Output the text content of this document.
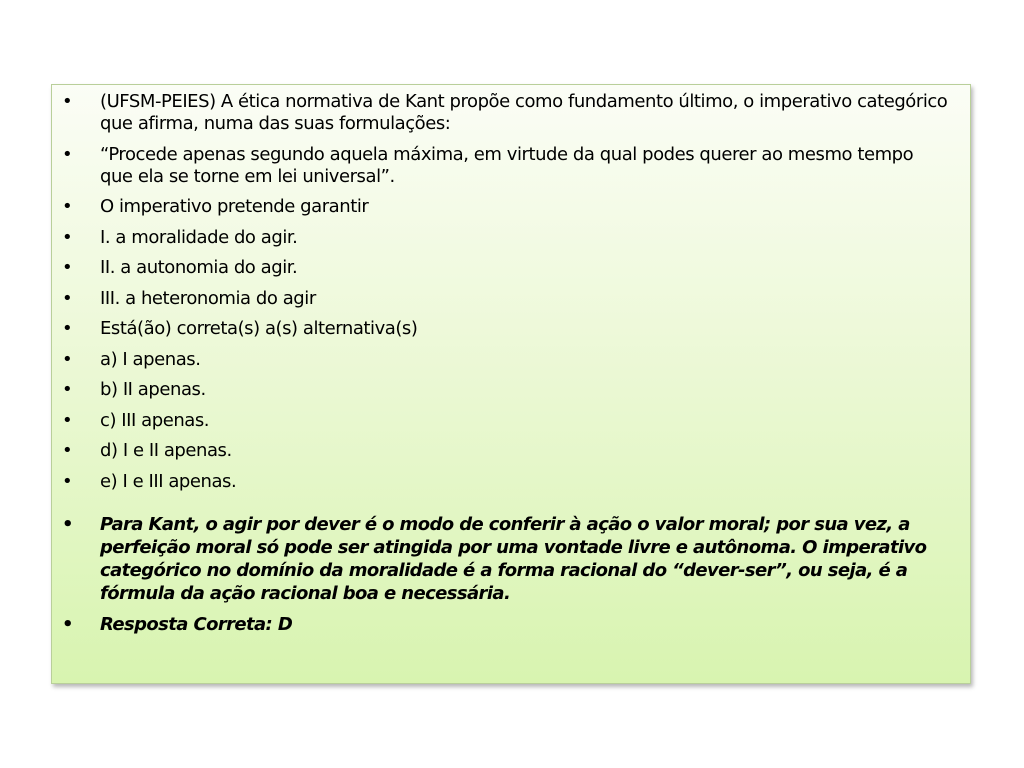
• (UFSM-PEIES) A ética normativa de Kant propõe como fundamento último, o imperativo categórico que afirma, numa das suas formulações:
• “Procede apenas segundo aquela máxima, em virtude da qual podes querer ao mesmo tempo que ela se torne em lei universal”.
• O imperativo pretende garantir
• I. a moralidade do agir.
• II. a autonomia do agir.
• III. a heteronomia do agir
• Está(ão) correta(s) a(s) alternativa(s)
• a) I apenas.
• b) II apenas.
• c) III apenas.
• d) I e II apenas.
• e) I e III apenas.
• Para Kant, o agir por dever é o modo de conferir à ação o valor moral; por sua vez, a perfeição moral só pode ser atingida por uma vontade livre e autônoma. O imperativo categórico no domínio da moralidade é a forma racional do “dever-ser”, ou seja, é a fórmula da ação racional boa e necessária.
• Resposta Correta: D
